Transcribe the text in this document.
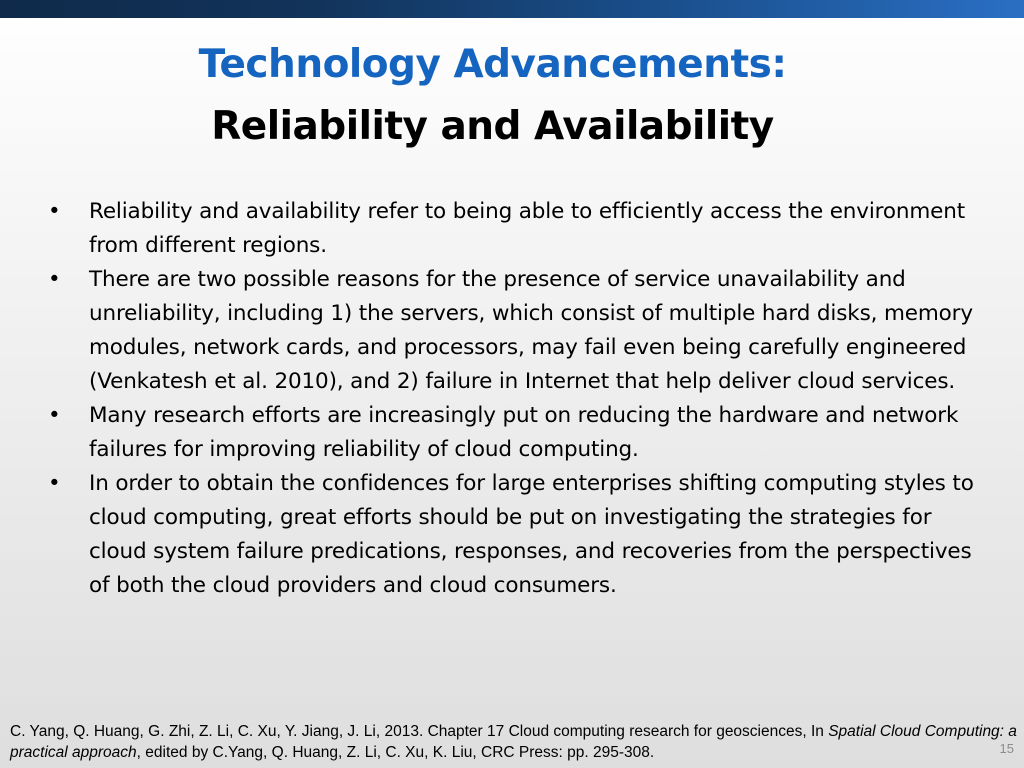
Technology Advancements:
Reliability and Availability
•	Reliability and availability refer to being able to efficiently access the environment from different regions.
•	There are two possible reasons for the presence of service unavailability and unreliability, including 1) the servers, which consist of multiple hard disks, memory modules, network cards, and processors, may fail even being carefully engineered (Venkatesh et al. 2010), and 2) failure in Internet that help deliver cloud services.
•	Many research efforts are increasingly put on reducing the hardware and network failures for improving reliability of cloud computing.
•	In order to obtain the confidences for large enterprises shifting computing styles to cloud computing, great efforts should be put on investigating the strategies for cloud system failure predications, responses, and recoveries from the perspectives of both the cloud providers and cloud consumers.
C. Yang, Q. Huang, G. Zhi, Z. Li, C. Xu, Y. Jiang, J. Li, 2013. Chapter 17 Cloud computing research for geosciences, In Spatial Cloud Computing: a practical approach, edited by C.Yang, Q. Huang, Z. Li, C. Xu, K. Liu, CRC Press: pp. 295-308.	15
